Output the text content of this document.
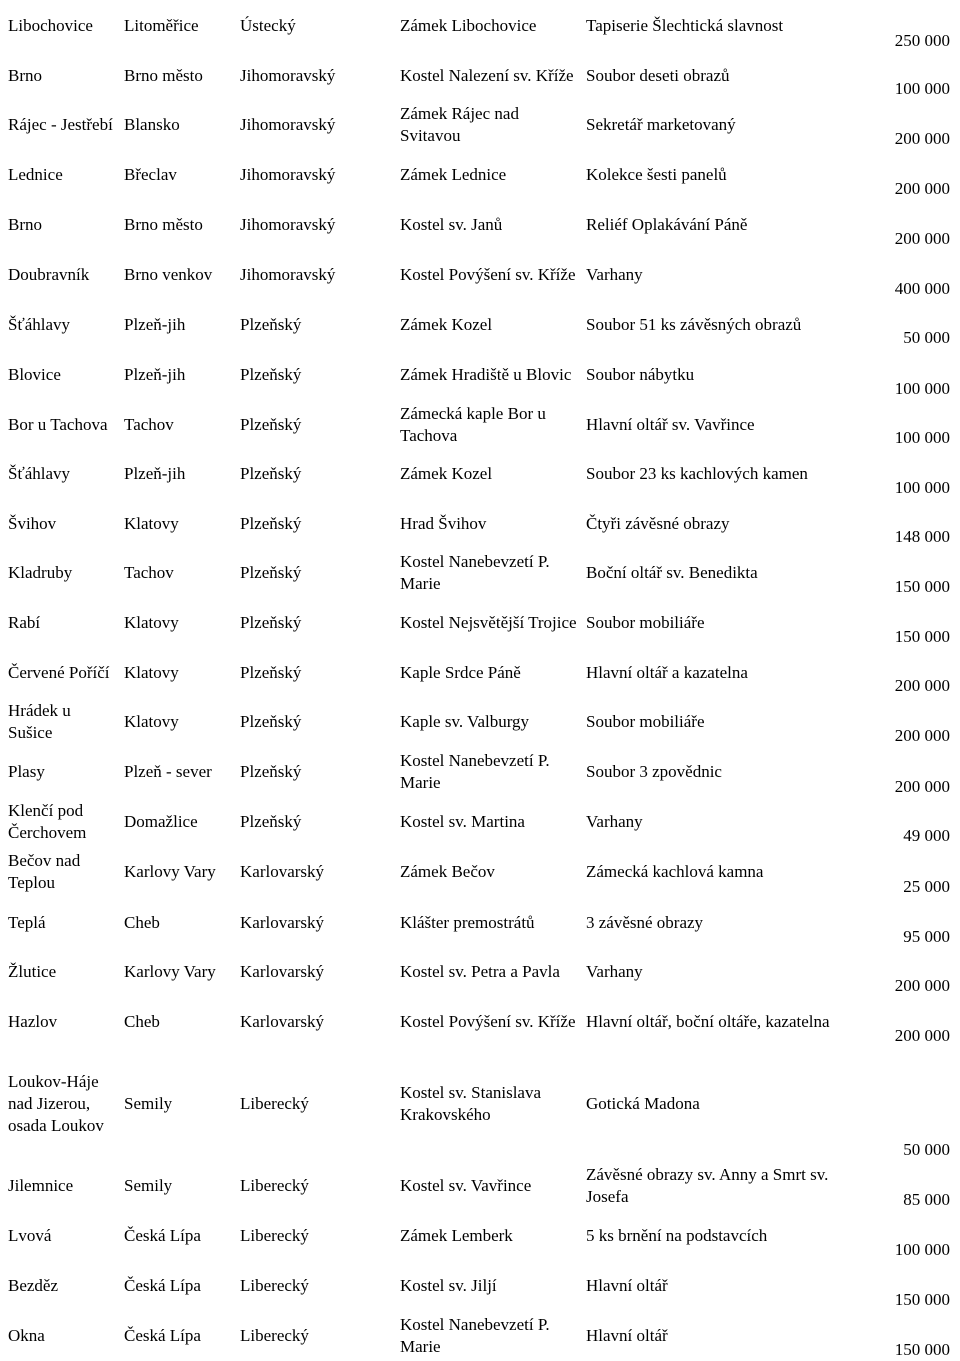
Libochovice	Litoměřice	Ústecký	Zámek Libochovice	Tapiserie Šlechtická slavnost	250 000
Brno	Brno město	Jihomoravský	Kostel Nalezení sv. Kříže	Soubor deseti obrazů	100 000
Rájec - Jestřebí	Blansko	Jihomoravský	Zámek Rájec nad Svitavou	Sekretář marketovaný	200 000
Lednice	Břeclav	Jihomoravský	Zámek Lednice	Kolekce šesti panelů	200 000
Brno	Brno město	Jihomoravský	Kostel sv. Janů	Reliéf Oplakávání Páně	200 000
Doubravník	Brno venkov	Jihomoravský	Kostel Povýšení sv. Kříže	Varhany	400 000
Šťáhlavy	Plzeň-jih	Plzeňský	Zámek Kozel	Soubor 51 ks závěsných obrazů	50 000
Blovice	Plzeň-jih	Plzeňský	Zámek Hradiště u Blovic	Soubor nábytku	100 000
Bor u Tachova	Tachov	Plzeňský	Zámecká kaple Bor u Tachova	Hlavní oltář sv. Vavřince	100 000
Šťáhlavy	Plzeň-jih	Plzeňský	Zámek Kozel	Soubor 23 ks kachlových kamen	100 000
Švihov	Klatovy	Plzeňský	Hrad Švihov	Čtyři závěsné obrazy	148 000
Kladruby	Tachov	Plzeňský	Kostel Nanebevzetí P. Marie	Boční oltář sv. Benedikta	150 000
Rabí	Klatovy	Plzeňský	Kostel Nejsvětější Trojice	Soubor mobiliáře	150 000
Červené Poříčí	Klatovy	Plzeňský	Kaple Srdce Páně	Hlavní oltář a kazatelna	200 000
Hrádek u Sušice	Klatovy	Plzeňský	Kaple sv. Valburgy	Soubor mobiliáře	200 000
Plasy	Plzeň - sever	Plzeňský	Kostel Nanebevzetí P. Marie	Soubor 3 zpovědnic	200 000
Klenčí pod Čerchovem	Domažlice	Plzeňský	Kostel sv. Martina	Varhany	49 000
Bečov nad Teplou	Karlovy Vary	Karlovarský	Zámek Bečov	Zámecká kachlová kamna	25 000
Teplá	Cheb	Karlovarský	Klášter premostrátů	3 závěsné obrazy	95 000
Žlutice	Karlovy Vary	Karlovarský	Kostel sv. Petra a Pavla	Varhany	200 000
Hazlov	Cheb	Karlovarský	Kostel Povýšení sv. Kříže	Hlavní oltář, boční oltáře, kazatelna	200 000
Loukov-Háje nad Jizerou, osada Loukov	Semily	Liberecký	Kostel sv. Stanislava Krakovského	Gotická Madona	50 000
Jilemnice	Semily	Liberecký	Kostel sv. Vavřince	Závěsné obrazy sv. Anny a Smrt sv. Josefa	85 000
Lvová	Česká Lípa	Liberecký	Zámek Lemberk	5 ks brnění na podstavcích	100 000
Bezděz	Česká Lípa	Liberecký	Kostel sv. Jiljí	Hlavní oltář	150 000
Okna	Česká Lípa	Liberecký	Kostel Nanebevzetí P. Marie	Hlavní oltář	150 000
